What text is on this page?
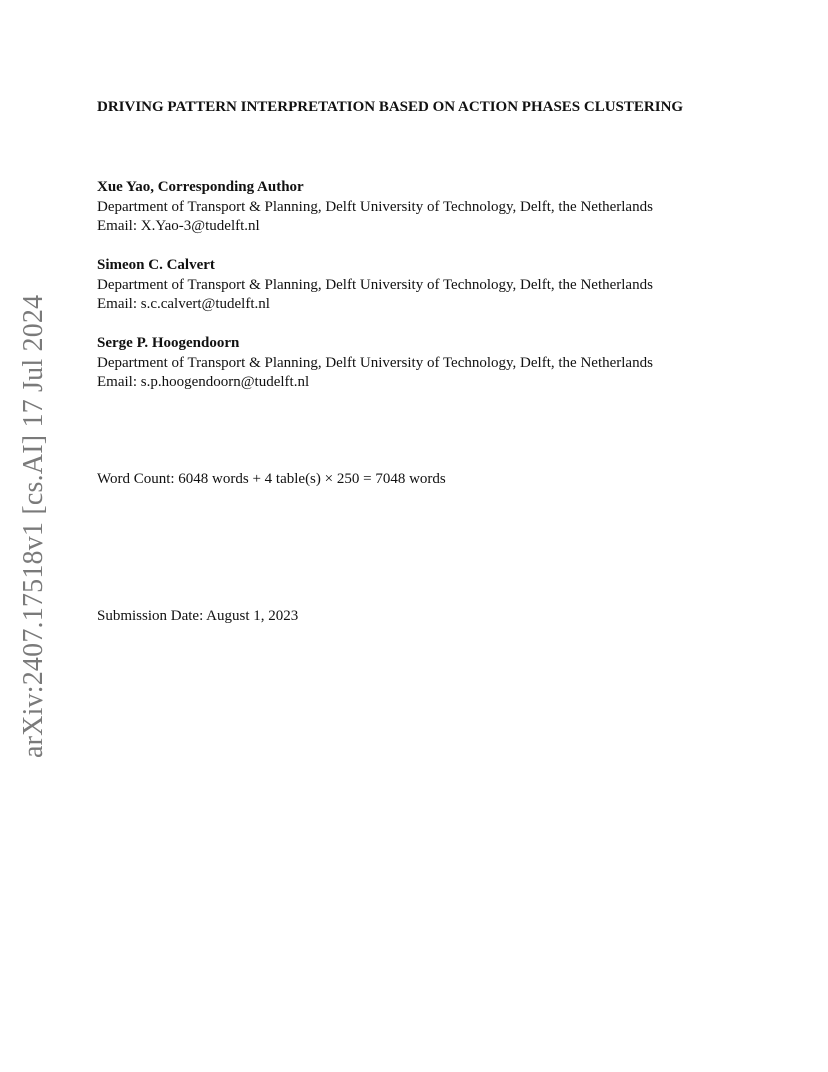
arXiv:2407.17518v1 [cs.AI] 17 Jul 2024
DRIVING PATTERN INTERPRETATION BASED ON ACTION PHASES CLUSTERING
Xue Yao, Corresponding Author
Department of Transport & Planning, Delft University of Technology, Delft, the Netherlands
Email: X.Yao-3@tudelft.nl
Simeon C. Calvert
Department of Transport & Planning, Delft University of Technology, Delft, the Netherlands
Email: s.c.calvert@tudelft.nl
Serge P. Hoogendoorn
Department of Transport & Planning, Delft University of Technology, Delft, the Netherlands
Email: s.p.hoogendoorn@tudelft.nl
Word Count: 6048 words + 4 table(s) × 250 = 7048 words
Submission Date: August 1, 2023
